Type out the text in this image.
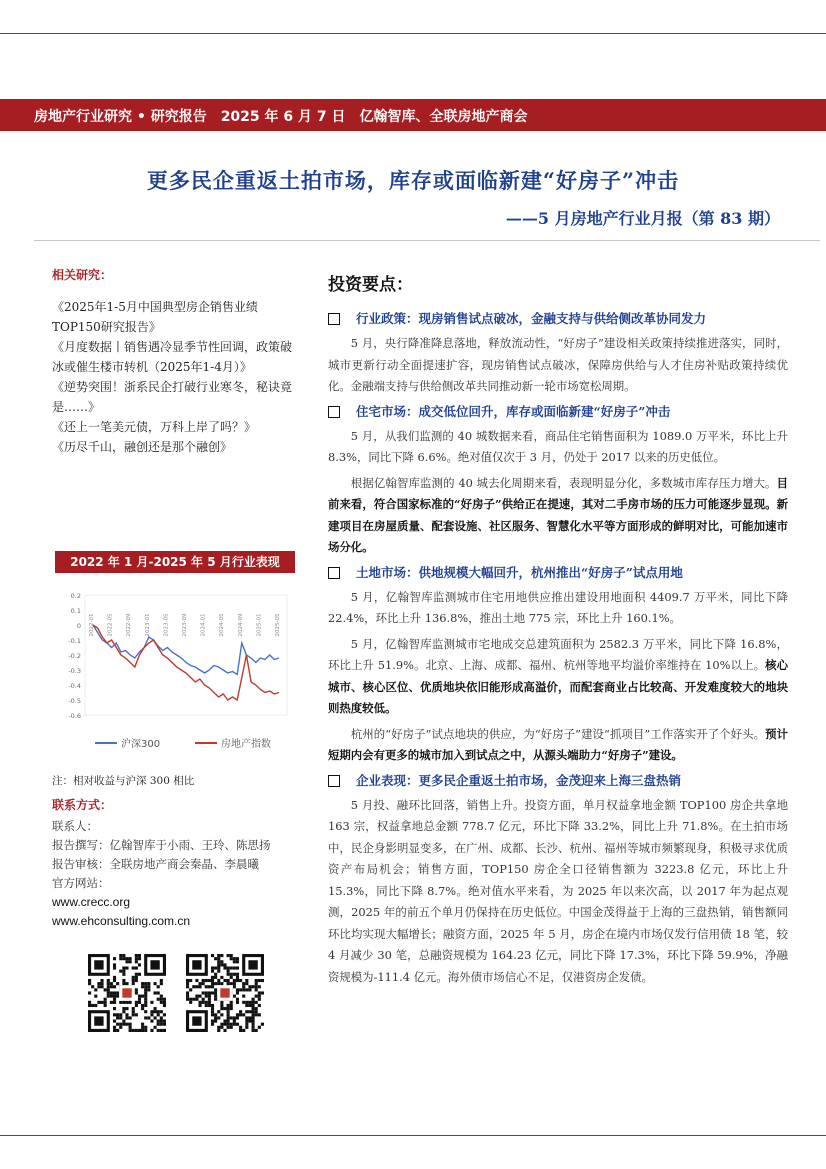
房地产行业研究 • 研究报告　2025 年 6 月 7 日　亿翰智库、全联房地产商会
更多民企重返土拍市场，库存或面临新建“好房子”冲击
——5 月房地产行业月报（第 83 期）
相关研究：
《2025年1-5月中国典型房企销售业绩TOP150研究报告》
《月度数据丨销售遇冷显季节性回调，政策破冰或催生楼市转机（2025年1-4月）》
《逆势突围！浙系民企打破行业寒冬，秘诀竟是……》
《还上一笔美元债，万科上岸了吗？》
《历尽千山，融创还是那个融创》
2022 年 1 月-2025 年 5 月行业表现
0.2
0.1
0
-0.1
-0.2
-0.3
-0.4
-0.5
-0.6
2022-01 2022-05 2022-09 2023-01 2023-05 2023-09 2024-01 2024-05 2024-09 2025-01 2025-05
沪深300	房地产指数
注：相对收益与沪深 300 相比
联系方式：
联系人：
报告撰写：亿翰智库于小雨、王玲、陈思扬
报告审核：全联房地产商会秦晶、李晨曦
官方网站：
www.crecc.org
www.ehconsulting.com.cn
投资要点：
行业政策：现房销售试点破冰，金融支持与供给侧改革协同发力

5 月，央行降准降息落地，释放流动性，“好房子”建设相关政策持续推进落实，同时，城市更新行动全面提速扩容，现房销售试点破冰，保障房供给与人才住房补贴政策持续优化。金融端支持与供给侧改革共同推动新一轮市场宽松周期。

住宅市场：成交低位回升，库存或面临新建“好房子”冲击

5 月，从我们监测的 40 城数据来看，商品住宅销售面积为 1089.0 万平米，环比上升 8.3%，同比下降 6.6%。绝对值仅次于 3 月，仍处于 2017 以来的历史低位。

根据亿翰智库监测的 40 城去化周期来看，表现明显分化，多数城市库存压力增大。目前来看，符合国家标准的“好房子”供给正在提速，其对二手房市场的压力可能逐步显现。新建项目在房屋质量、配套设施、社区服务、智慧化水平等方面形成的鲜明对比，可能加速市场分化。

土地市场：供地规模大幅回升，杭州推出“好房子”试点用地

5 月，亿翰智库监测城市住宅用地供应推出建设用地面积 4409.7 万平米，同比下降 22.4%，环比上升 136.8%，推出土地 775 宗，环比上升 160.1%。

5 月，亿翰智库监测城市宅地成交总建筑面积为 2582.3 万平米，同比下降 16.8%，环比上升 51.9%。北京、上海、成都、福州、杭州等地平均溢价率维持在 10%以上。核心城市、核心区位、优质地块依旧能形成高溢价，而配套商业占比较高、开发难度较大的地块则热度较低。

杭州的“好房子”试点地块的供应，为“好房子”建设“抓项目”工作落实开了个好头。预计短期内会有更多的城市加入到试点之中，从源头端助力“好房子”建设。

企业表现：更多民企重返土拍市场，金茂迎来上海三盘热销

5 月投、融环比回落，销售上升。投资方面，单月权益拿地金额 TOP100 房企共拿地 163 宗，权益拿地总金额 778.7 亿元，环比下降 33.2%，同比上升 71.8%。在土拍市场中，民企身影明显变多，在广州、成都、长沙、杭州、福州等城市频繁现身，积极寻求优质资产布局机会；销售方面，TOP150 房企全口径销售额为 3223.8 亿元，环比上升 15.3%，同比下降 8.7%。绝对值水平来看，为 2025 年以来次高，以 2017 年为起点观测，2025 年的前五个单月仍保持在历史低位。中国金茂得益于上海的三盘热销，销售额同环比均实现大幅增长；融资方面，2025 年 5 月，房企在境内市场仅发行信用债 18 笔，较 4 月减少 30 笔，总融资规模为 164.23 亿元，同比下降 17.3%，环比下降 59.9%，净融资规模为-111.4 亿元。海外债市场信心不足，仅港资房企发债。
